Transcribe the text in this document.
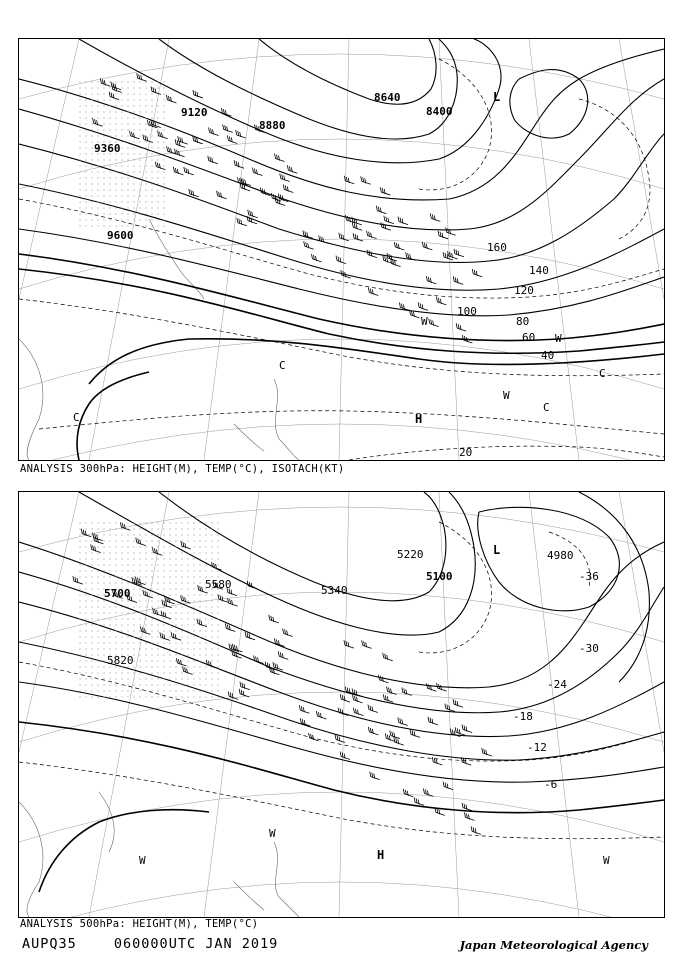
9120
9360
9600
8640
8400
8880
20
40
60
80
100
120
140
160
L
H
W
W
W
C
C
C
C
ANALYSIS 300hPa: HEIGHT(M), TEMP(°C), ISOTACH(KT)
5700
5820
5580	5340
5220
5100
4980
-6
-12
-18
-24
-30
-36
L
H
W
W
W
ANALYSIS 500hPa: HEIGHT(M), TEMP(°C)
AUPQ35	060000UTC JAN 2019	Japan Meteorological Agency
